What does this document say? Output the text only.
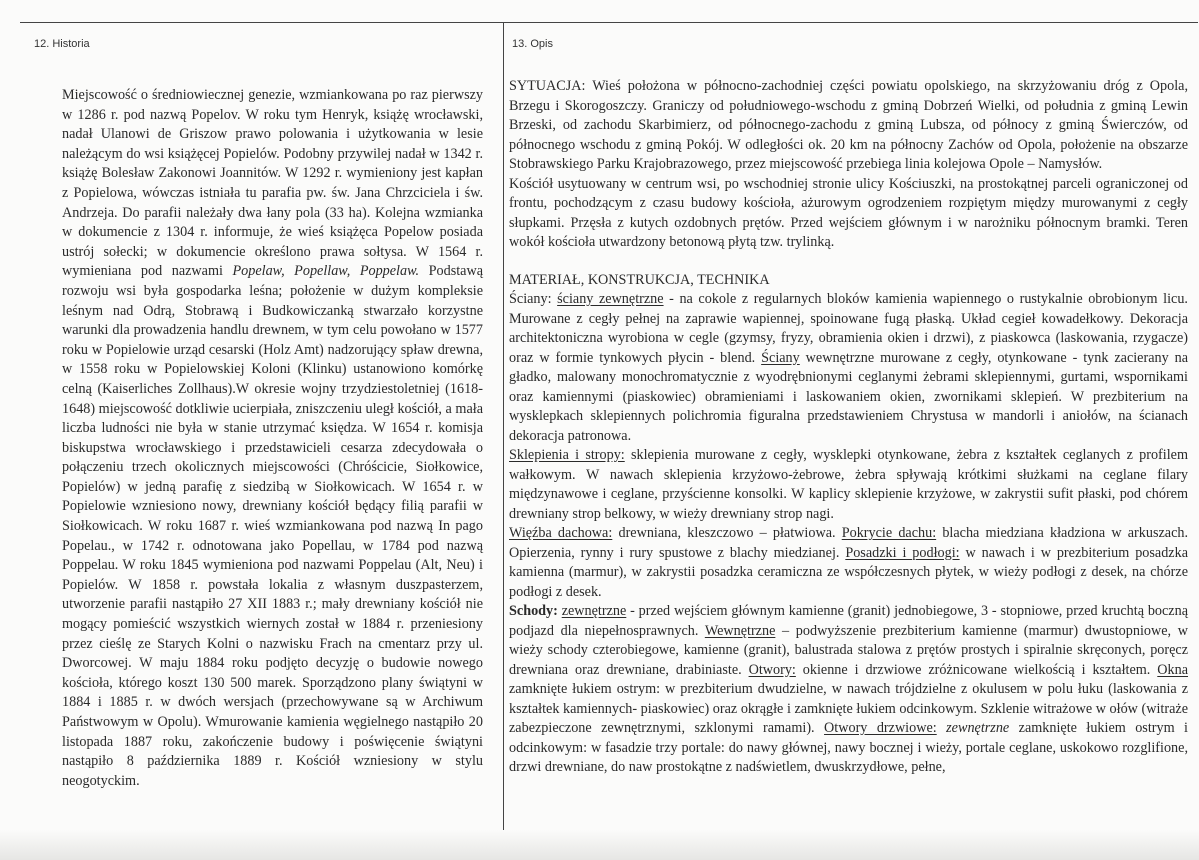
12. Historia	13. Opis

Miejscowość o średniowiecznej genezie, wzmiankowana po raz pierwszy w 1286 r. pod nazwą Popelov. W roku tym Henryk, książę wrocławski, nadał Ulanowi de Griszow prawo polowania i użytkowania w lesie należącym do wsi książęcej Popielów. Podobny przywilej nadał w 1342 r. książę Bolesław Zakonowi Joannitów. W 1292 r. wymieniony jest kapłan z Popielowa, wówczas istniała tu parafia pw. św. Jana Chrzciciela i św. Andrzeja. Do parafii należały dwa łany pola (33 ha). Kolejna wzmianka w dokumencie z 1304 r. informuje, że wieś książęca Popelow posiada ustrój sołecki; w dokumencie określono prawa sołtysa. W 1564 r. wymieniana pod nazwami Popelaw, Popellaw, Poppelaw. Podstawą rozwoju wsi była gospodarka leśna; położenie w dużym kompleksie leśnym nad Odrą, Stobrawą i Budkowiczanką stwarzało korzystne warunki dla prowadzenia handlu drewnem, w tym celu powołano w 1577 roku w Popielowie urząd cesarski (Holz Amt) nadzorujący spław drewna, w 1558 roku w Popielowskiej Koloni (Klinku) ustanowiono komórkę celną (Kaiserliches Zollhaus).W okresie wojny trzydziestoletniej (1618-1648) miejscowość dotkliwie ucierpiała, zniszczeniu uległ kościół, a mała liczba ludności nie była w stanie utrzymać księdza. W 1654 r. komisja biskupstwa wrocławskiego i przedstawicieli cesarza zdecydowała o połączeniu trzech okolicznych miejscowości (Chróścicie, Siołkowice, Popielów) w jedną parafię z siedzibą w Siołkowicach. W 1654 r. w Popielowie wzniesiono nowy, drewniany kościół będący filią parafii w Siołkowicach. W roku 1687 r. wieś wzmiankowana pod nazwą In pago Popelau., w 1742 r. odnotowana jako Popellau, w 1784 pod nazwą Poppelau. W roku 1845 wymieniona pod nazwami Poppelau (Alt, Neu) i Popielów. W 1858 r. powstała lokalia z własnym duszpasterzem, utworzenie parafii nastąpiło 27 XII 1883 r.; mały drewniany kościół nie mogący pomieścić wszystkich wiernych został w 1884 r. przeniesiony przez cieślę ze Starych Kolni o nazwisku Frach na cmentarz przy ul. Dworcowej. W maju 1884 roku podjęto decyzję o budowie nowego kościoła, którego koszt 130 500 marek. Sporządzono plany świątyni w 1884 i 1885 r. w dwóch wersjach (przechowywane są w Archiwum Państwowym w Opolu). Wmurowanie kamienia węgielnego nastąpiło 20 listopada 1887 roku, zakończenie budowy i poświęcenie świątyni nastąpiło 8 października 1889 r. Kościół wzniesiony w stylu neogotyckim.

SYTUACJA: Wieś położona w północno-zachodniej części powiatu opolskiego, na skrzyżowaniu dróg z Opola, Brzegu i Skorogoszczy. Graniczy od południowego-wschodu z gminą Dobrzeń Wielki, od południa z gminą Lewin Brzeski, od zachodu Skarbimierz, od północnego-zachodu z gminą Lubsza, od północy z gminą Świerczów, od północnego wschodu z gminą Pokój. W odległości ok. 20 km na północny Zachów od Opola, położenie na obszarze Stobrawskiego Parku Krajobrazowego, przez miejscowość przebiega linia kolejowa Opole – Namysłów.

Kościół usytuowany w centrum wsi, po wschodniej stronie ulicy Kościuszki, na prostokątnej parceli ograniczonej od frontu, pochodzącym z czasu budowy kościoła, ażurowym ogrodzeniem rozpiętym między murowanymi z cegły słupkami. Przęsła z kutych ozdobnych prętów. Przed wejściem głównym i w narożniku północnym bramki. Teren wokół kościoła utwardzony betonową płytą tzw. trylinką.

MATERIAŁ, KONSTRUKCJA, TECHNIKA

Ściany: ściany zewnętrzne - na cokole z regularnych bloków kamienia wapiennego o rustykalnie obrobionym licu. Murowane z cegły pełnej na zaprawie wapiennej, spoinowane fugą płaską. Układ cegieł kowadełkowy. Dekoracja architektoniczna wyrobiona w cegle (gzymsy, fryzy, obramienia okien i drzwi), z piaskowca (laskowania, rzygacze) oraz w formie tynkowych płycin - blend. Ściany wewnętrzne murowane z cegły, otynkowane - tynk zacierany na gładko, malowany monochromatycznie z wyodrębnionymi ceglanymi żebrami sklepiennymi, gurtami, wspornikami oraz kamiennymi (piaskowiec) obramieniami i laskowaniem okien, zwornikami sklepień. W prezbiterium na wysklepkach sklepiennych polichromia figuralna przedstawieniem Chrystusa w mandorli i aniołów, na ścianach dekoracja patronowa.

Sklepienia i stropy: sklepienia murowane z cegły, wysklepki otynkowane, żebra z kształtek ceglanych z profilem wałkowym. W nawach sklepienia krzyżowo-żebrowe, żebra spływają krótkimi służkami na ceglane filary międzynawowe i ceglane, przyścienne konsolki. W kaplicy sklepienie krzyżowe, w zakrystii sufit płaski, pod chórem drewniany strop belkowy, w wieży drewniany strop nagi.

Więźba dachowa: drewniana, kleszczowo – płatwiowa. Pokrycie dachu: blacha miedziana kładziona w arkuszach. Opierzenia, rynny i rury spustowe z blachy miedzianej. Posadzki i podłogi: w nawach i w prezbiterium posadzka kamienna (marmur), w zakrystii posadzka ceramiczna ze współczesnych płytek, w wieży podłogi z desek, na chórze podłogi z desek.

Schody: zewnętrzne - przed wejściem głównym kamienne (granit) jednobiegowe, 3 - stopniowe, przed kruchtą boczną podjazd dla niepełnosprawnych. Wewnętrzne – podwyższenie prezbiterium kamienne (marmur) dwustopniowe, w wieży schody czterobiegowe, kamienne (granit), balustrada stalowa z prętów prostych i spiralnie skręconych, poręcz drewniana oraz drewniane, drabiniaste. Otwory: okienne i drzwiowe zróżnicowane wielkością i kształtem. Okna zamknięte łukiem ostrym: w prezbiterium dwudzielne, w nawach trójdzielne z okulusem w polu łuku (laskowania z kształtek kamiennych- piaskowiec) oraz okrągłe i zamknięte łukiem odcinkowym. Szklenie witrażowe w ołów (witraże zabezpieczone zewnętrznymi, szklonymi ramami). Otwory drzwiowe: zewnętrzne zamknięte łukiem ostrym i odcinkowym: w fasadzie trzy portale: do nawy głównej, nawy bocznej i wieży, portale ceglane, uskokowo rozglifione, drzwi drewniane, do naw prostokątne z nadświetlem, dwuskrzydłowe, pełne,
